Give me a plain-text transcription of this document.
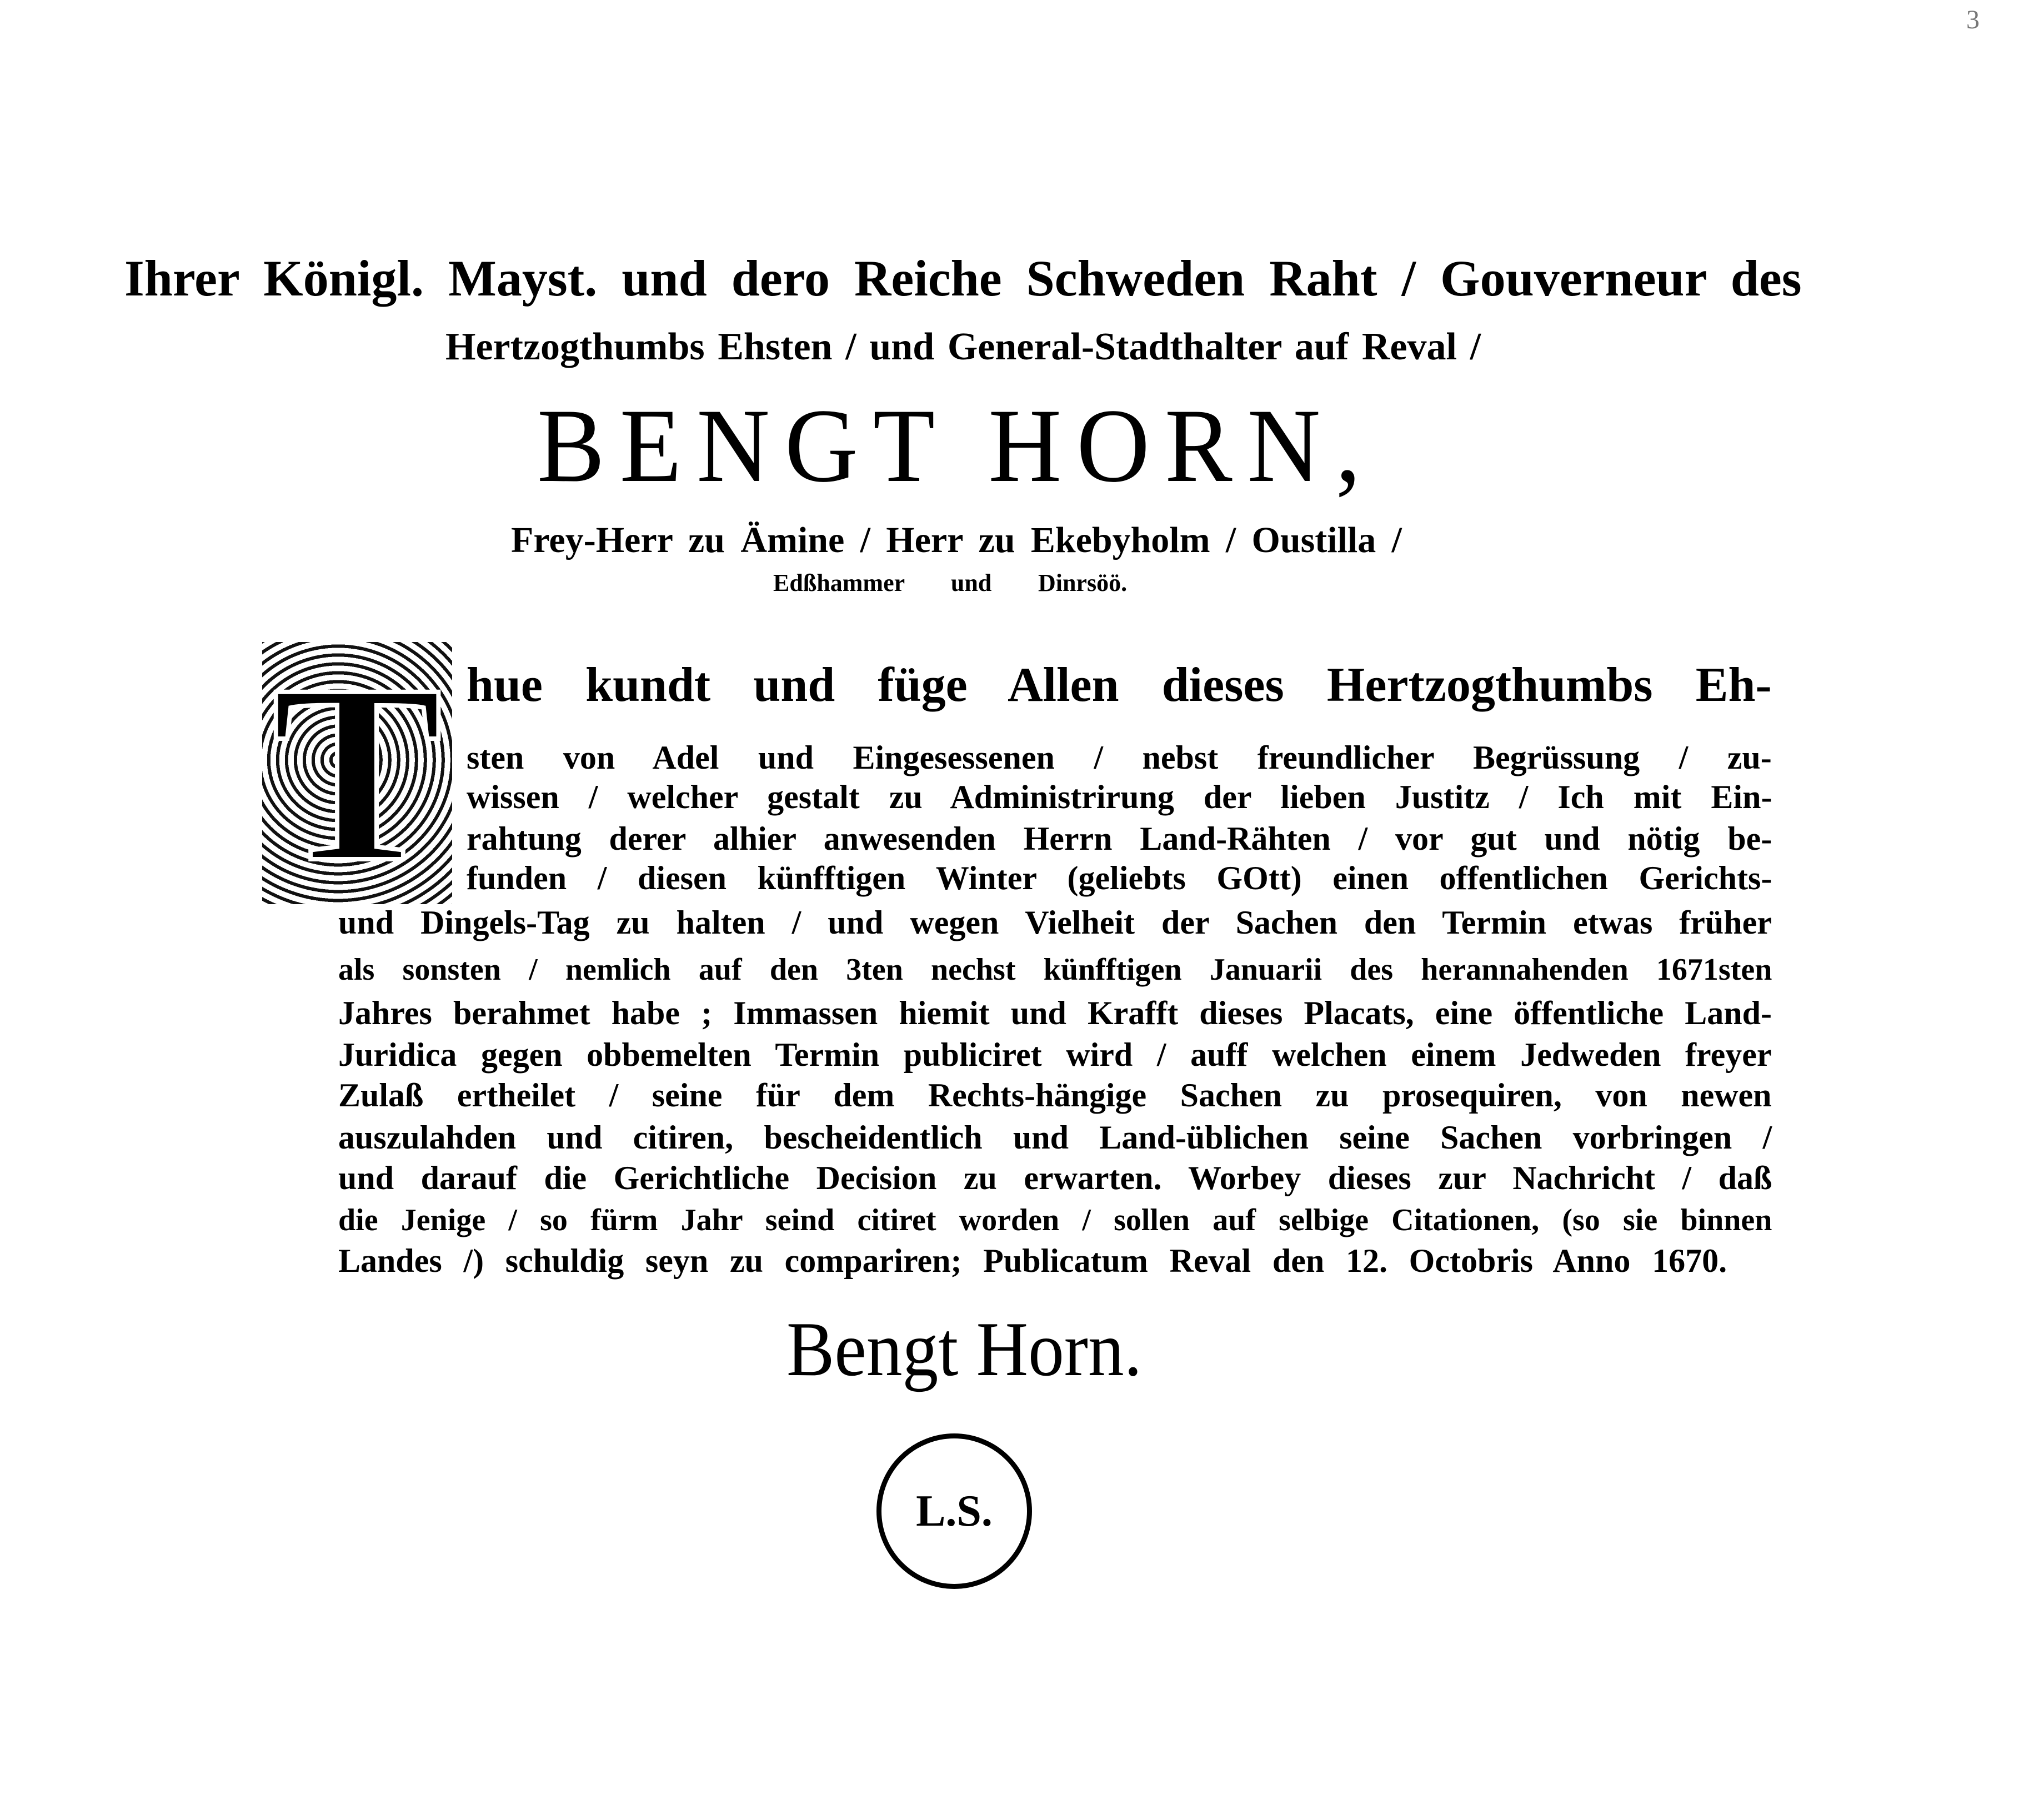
3
Ihrer Königl. Mayst. und dero Reiche Schweden Raht / Gouverneur des
Hertzogthumbs Ehsten / und General-Stadthalter auf Reval /
BENGT HORN,
Frey-Herr zu Ämine / Herr zu Ekebyholm / Oustilla /
Edßhammer und Dinrsöö.
T hue kundt und füge Allen dieses Hertzogthumbs Eh-
sten von Adel und Eingesessenen / nebst freundlicher Begrüssung / zu-
wissen / welcher gestalt zu Administrirung der lieben Justitz / Ich mit Ein-
rahtung derer alhier anwesenden Herrn Land-Rähten / vor gut und nötig be-
funden / diesen künfftigen Winter (geliebts GOtt) einen offentlichen Gerichts-
und Dingels-Tag zu halten / und wegen Vielheit der Sachen den Termin etwas früher
als sonsten / nemlich auf den 3ten nechst künfftigen Januarii des herannahenden 1671sten
Jahres berahmet habe ; Immassen hiemit und Krafft dieses Placats, eine öffentliche Land-
Juridica gegen obbemelten Termin publiciret wird / auff welchen einem Jedweden freyer
Zulaß ertheilet / seine für dem Rechts-hängige Sachen zu prosequiren, von newen
auszulahden und citiren, bescheidentlich und Land-üblichen seine Sachen vorbringen /
und darauf die Gerichtliche Decision zu erwarten. Worbey dieses zur Nachricht / daß
die Jenige / so fürm Jahr seind citiret worden / sollen auf selbige Citationen, (so sie binnen
Landes /) schuldig seyn zu compariren; Publicatum Reval den 12. Octobris Anno 1670.
Bengt Horn.
L.S.
